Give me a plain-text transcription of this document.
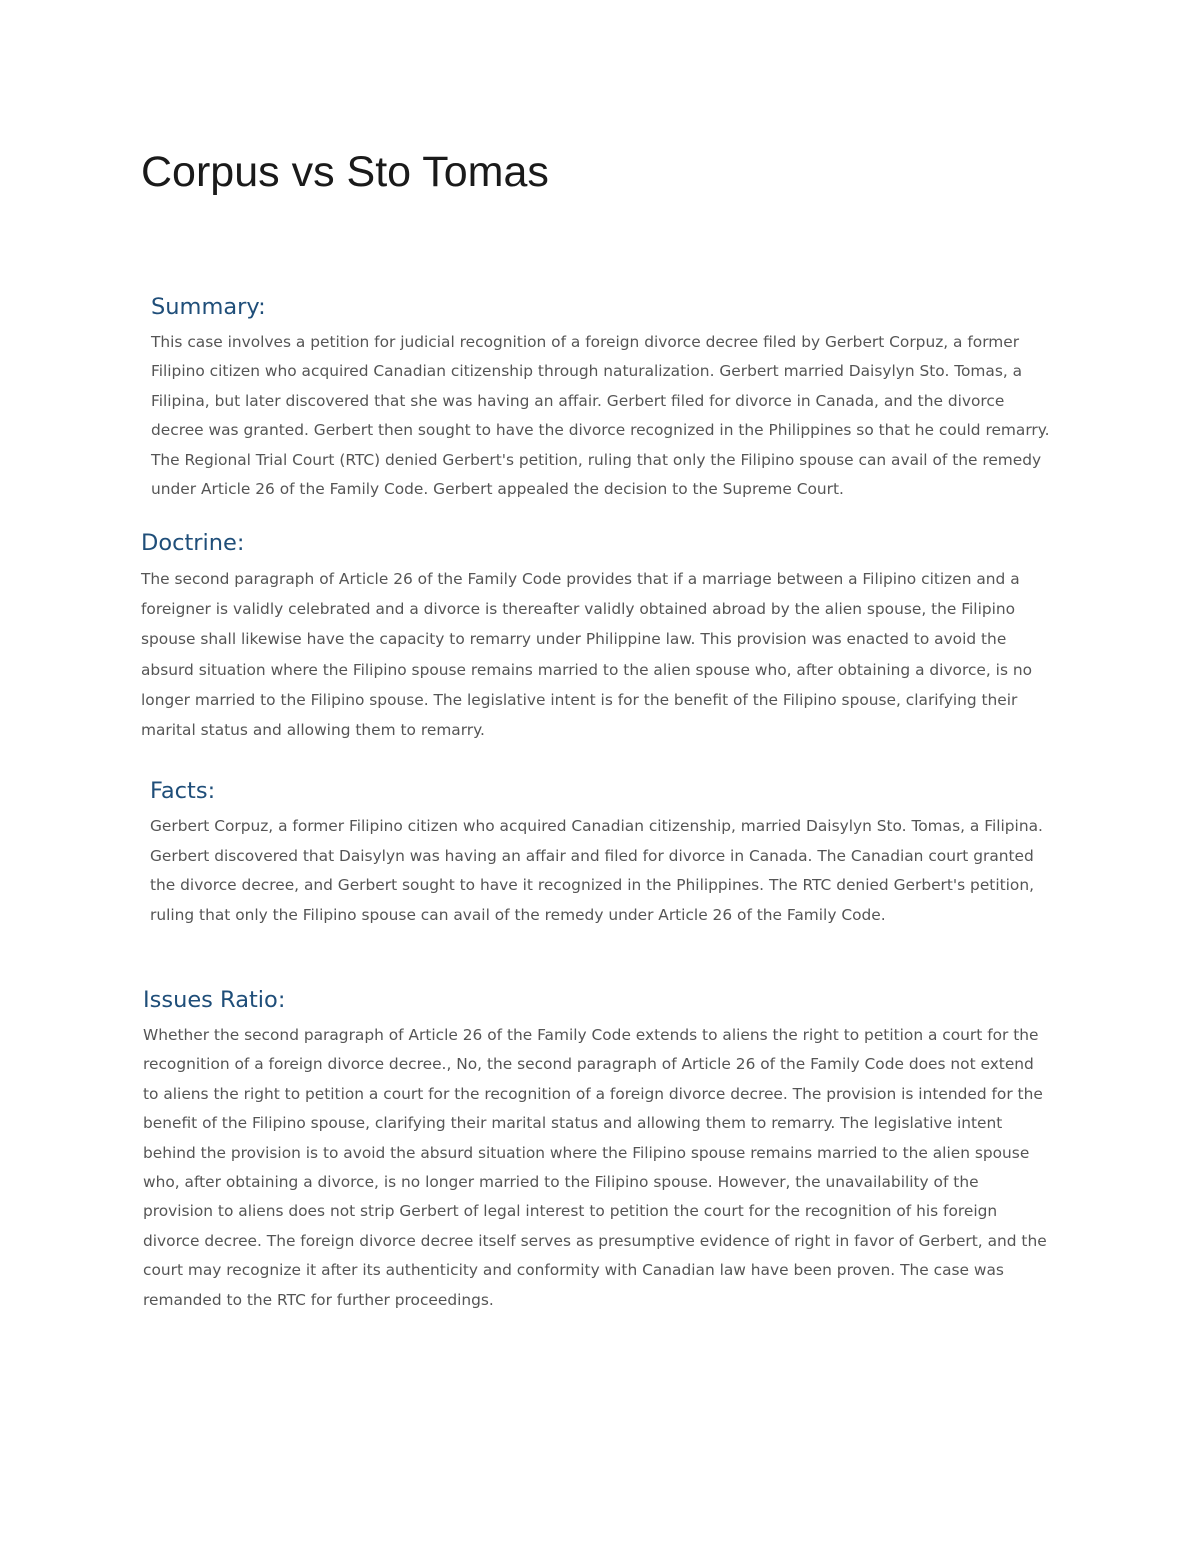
Corpus vs Sto Tomas
Summary:

This case involves a petition for judicial recognition of a foreign divorce decree filed by Gerbert Corpuz, a former Filipino citizen who acquired Canadian citizenship through naturalization. Gerbert married Daisylyn Sto. Tomas, a Filipina, but later discovered that she was having an affair. Gerbert filed for divorce in Canada, and the divorce decree was granted. Gerbert then sought to have the divorce recognized in the Philippines so that he could remarry. The Regional Trial Court (RTC) denied Gerbert's petition, ruling that only the Filipino spouse can avail of the remedy under Article 26 of the Family Code. Gerbert appealed the decision to the Supreme Court.

Doctrine:

The second paragraph of Article 26 of the Family Code provides that if a marriage between a Filipino citizen and a foreigner is validly celebrated and a divorce is thereafter validly obtained abroad by the alien spouse, the Filipino spouse shall likewise have the capacity to remarry under Philippine law. This provision was enacted to avoid the absurd situation where the Filipino spouse remains married to the alien spouse who, after obtaining a divorce, is no longer married to the Filipino spouse. The legislative intent is for the benefit of the Filipino spouse, clarifying their marital status and allowing them to remarry.

Facts:

Gerbert Corpuz, a former Filipino citizen who acquired Canadian citizenship, married Daisylyn Sto. Tomas, a Filipina. Gerbert discovered that Daisylyn was having an affair and filed for divorce in Canada. The Canadian court granted the divorce decree, and Gerbert sought to have it recognized in the Philippines. The RTC denied Gerbert's petition, ruling that only the Filipino spouse can avail of the remedy under Article 26 of the Family Code.

Issues Ratio:

Whether the second paragraph of Article 26 of the Family Code extends to aliens the right to petition a court for the recognition of a foreign divorce decree., No, the second paragraph of Article 26 of the Family Code does not extend to aliens the right to petition a court for the recognition of a foreign divorce decree. The provision is intended for the benefit of the Filipino spouse, clarifying their marital status and allowing them to remarry. The legislative intent behind the provision is to avoid the absurd situation where the Filipino spouse remains married to the alien spouse who, after obtaining a divorce, is no longer married to the Filipino spouse. However, the unavailability of the provision to aliens does not strip Gerbert of legal interest to petition the court for the recognition of his foreign divorce decree. The foreign divorce decree itself serves as presumptive evidence of right in favor of Gerbert, and the court may recognize it after its authenticity and conformity with Canadian law have been proven. The case was remanded to the RTC for further proceedings.
